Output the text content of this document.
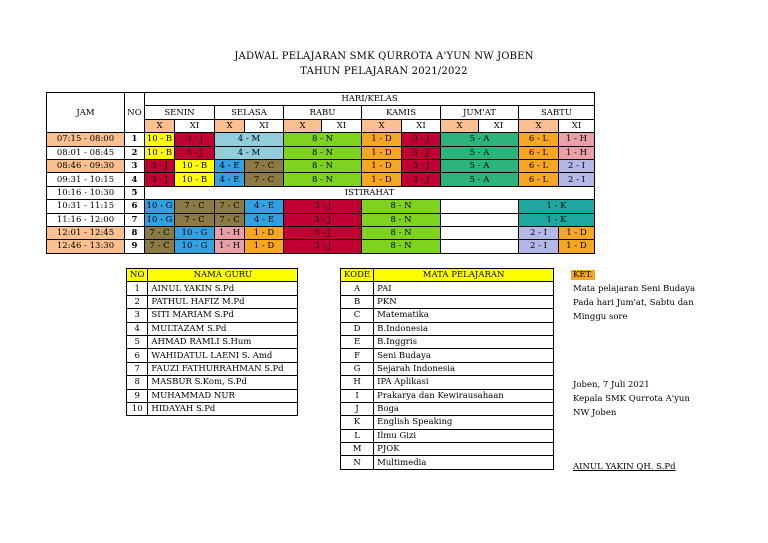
JADWAL PELAJARAN SMK QURROTA A'YUN NW JOBEN
TAHUN PELAJARAN 2021/2022
JAM	NO	HARI/KELAS											
		SENIN		SELASA		RABU		KAMIS		JUM'AT		SABTU	
		X	XI	X	XI	X	XI	X	XI	X	XI	X	XI
07:15 - 08:00	1	10 - B	3 - J	4 - M		8 - N		1 - D	3 - J	5 - A		6 - L	1 - H
08:01 - 08:45	2	10 - B	3 - J	4 - M		8 - N		1 - D	3 - J	5 - A		6 - L	1 - H
08:46 - 09:30	3	3 - J	10 - B	4 - E	7 - C	8 - N		1 - D	3 - J	5 - A		6 - L	2 - I
09:31 - 10:15	4	3 - J	10 - B	4 - E	7 - C	8 - N		1 - D	3 - J	5 - A		6 - L	2 - I
10:16 - 10:30	5	ISTIRAHAT											
10:31 - 11:15	6	10 - G	7 - C	7 - C	4 - E	3 - J		8 - N				1 - K	
11:16 - 12:00	7	10 - G	7 - C	7 - C	4 - E	3 - J		8 - N				1 - K	
12:01 - 12:45	8	7 - C	10 - G	1 - H	1 - D	3 - J		8 - N				2 - I	1 - D
12:46 - 13:30	9	7 - C	10 - G	1 - H	1 - D	3 - J		8 - N				2 - I	1 - D
NO	NAMA GURU
1	AINUL YAKIN S.Pd
2	PATHUL HAFIZ M.Pd
3	SITI MARIAM S.Pd
4	MULTAZAM S.Pd
5	AHMAD RAMLI S.Hum
6	WAHIDATUL LAENI S. Amd
7	FAUZI FATHURRAHMAN S.Pd
8	MASBUR S.Kom, S.Pd
9	MUHAMMAD NUR
10	HIDAYAH S.Pd
KODE	MATA PELAJARAN
A	PAI
B	PKN
C	Matematika
D	B.Indonesia
E	B.Inggris
F	Seni Budaya
G	Sejarah Indonesia
H	IPA Aplikasi
I	Prakarya dan Kewirausahaan
J	Boga
K	English Speaking
L	Ilmu Gizi
M	PJOK
N	Multimedia
KET.
Mata pelajaran Seni Budaya
Pada hari Jum'at, Sabtu dan
Minggu sore
Joben, 7 Juli 2021
Kepala SMK Qurrota A'yun
NW Joben
AINUL YAKIN QH. S.Pd
